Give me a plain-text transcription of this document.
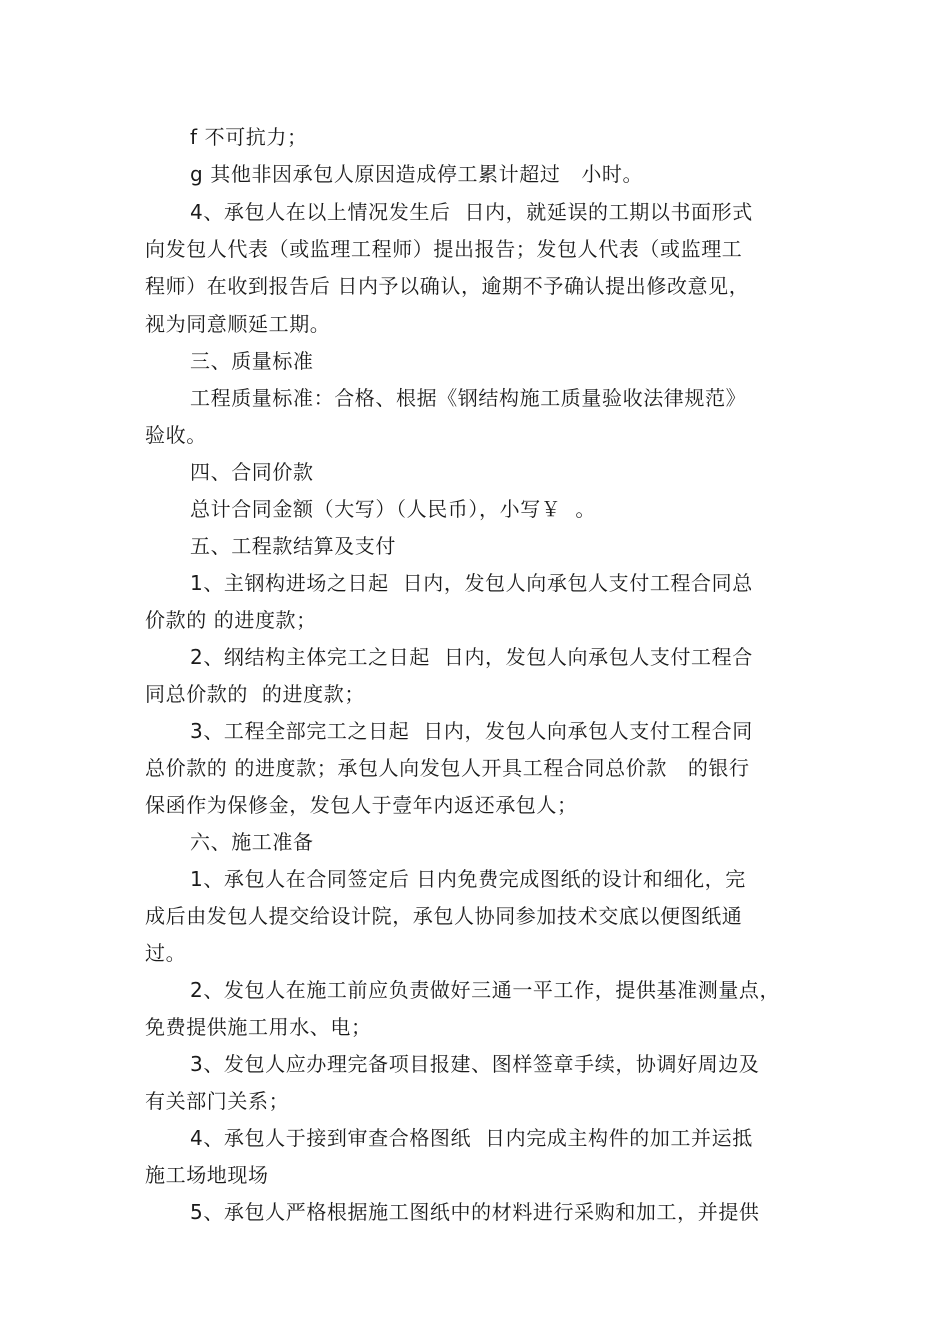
f 不可抗力；
g 其他非因承包人原因造成停工累计超过   小时。
4、承包人在以上情况发生后  日内，就延误的工期以书面形式
向发包人代表（或监理工程师）提出报告；发包人代表（或监理工
程师）在收到报告后 日内予以确认，逾期不予确认提出修改意见，
视为同意顺延工期。
三、质量标准
工程质量标准：合格、根据《钢结构施工质量验收法律规范》
验收。
四、合同价款
总计合同金额（大写）（人民币），小写￥  。
五、工程款结算及支付
1、主钢构进场之日起  日内，发包人向承包人支付工程合同总
价款的 的进度款；
2、纲结构主体完工之日起  日内，发包人向承包人支付工程合
同总价款的  的进度款；
3、工程全部完工之日起  日内，发包人向承包人支付工程合同
总价款的 的进度款；承包人向发包人开具工程合同总价款   的银行
保函作为保修金，发包人于壹年内返还承包人；
六、施工准备
1、承包人在合同签定后 日内免费完成图纸的设计和细化，完
成后由发包人提交给设计院，承包人协同参加技术交底以便图纸通
过。
2、发包人在施工前应负责做好三通一平工作，提供基准测量点，
免费提供施工用水、电；
3、发包人应办理完备项目报建、图样签章手续，协调好周边及
有关部门关系；
4、承包人于接到审查合格图纸  日内完成主构件的加工并运抵
施工场地现场
5、承包人严格根据施工图纸中的材料进行采购和加工，并提供
